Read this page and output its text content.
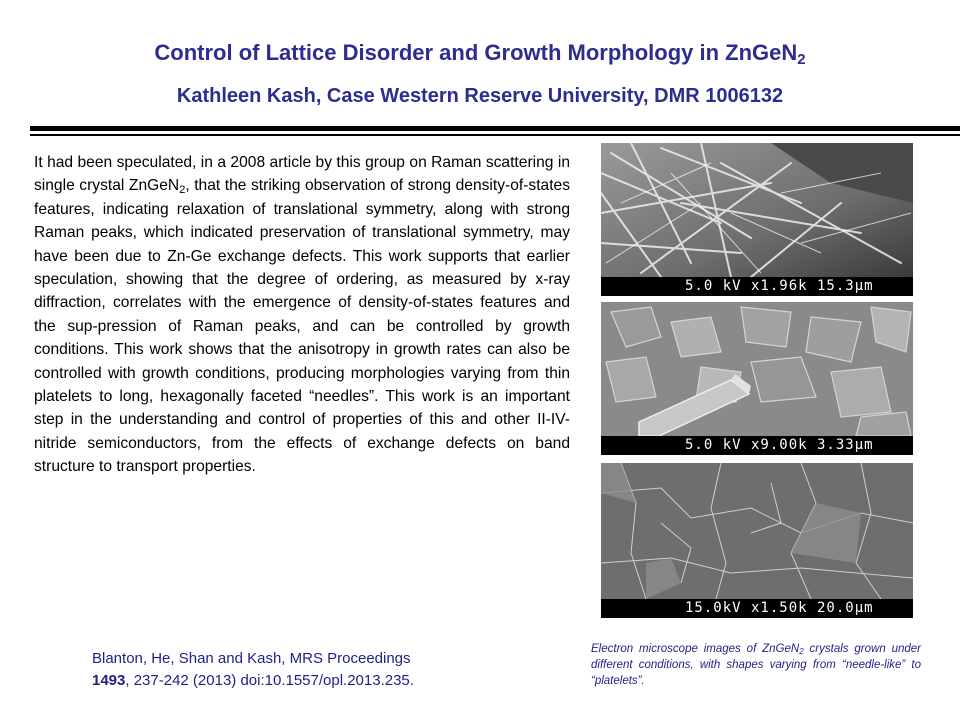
Control of Lattice Disorder and Growth Morphology in ZnGeN$_2$
Kathleen Kash, Case Western Reserve University, DMR 1006132
It had been speculated, in a 2008 article by this group on Raman scattering in single crystal ZnGeN$_2$, that the striking observation of strong density-of-states features, indicating relaxation of translational symmetry, along with strong Raman peaks, which indicated preservation of translational symmetry, may have been due to Zn-Ge exchange defects. This work supports that earlier speculation, showing that the degree of ordering, as measured by x-ray diffraction, correlates with the emergence of density-of-states features and the sup-pression of Raman peaks, and can be controlled by growth conditions. This work shows that the anisotropy in growth rates can also be controlled with growth conditions, producing morphologies varying from thin platelets to long, hexagonally faceted “needles”. This work is an important step in the understanding and control of properties of this and other II-IV-nitride semiconductors, from the effects of exchange defects on band structure to transport properties.
Blanton, He, Shan and Kash, MRS Proceedings
1493, 237-242 (2013) doi:10.1557/opl.2013.235.
5.0 kV x1.96k 15.3µm
5.0 kV x9.00k 3.33µm
15.0kV x1.50k 20.0µm
Electron microscope images of ZnGeN$_2$ crystals grown under different conditions, with shapes varying from “needle-like” to “platelets”.
